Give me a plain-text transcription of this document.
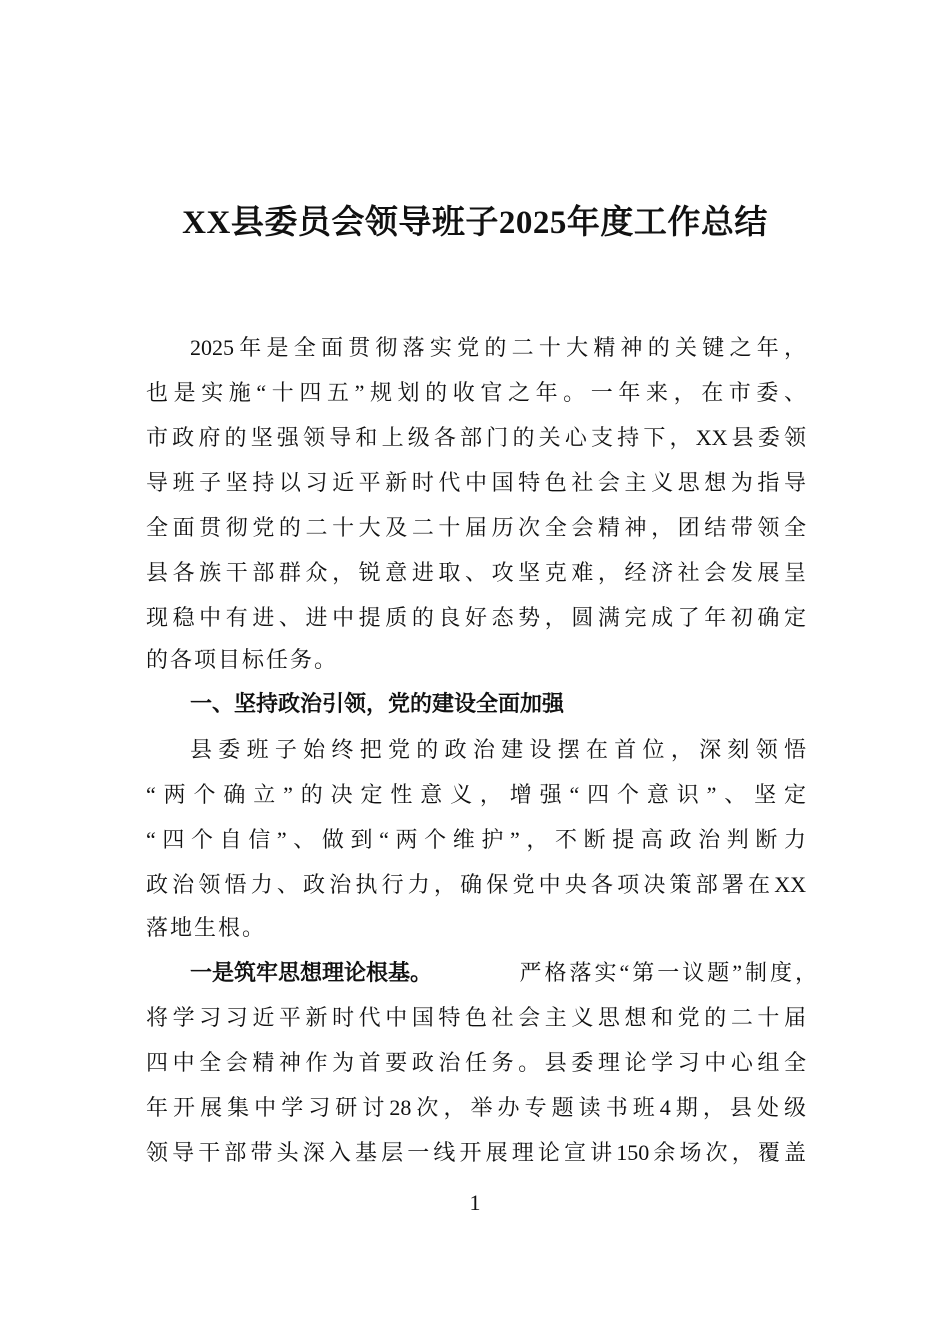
XX县委员会领导班子2025年度工作总结
2025年是全面贯彻落实党的二十大精神的关键之年，
也是实施“十四五”规划的收官之年。一年来，在市委、
市政府的坚强领导和上级各部门的关心支持下，XX县委领
导班子坚持以习近平新时代中国特色社会主义思想为指导
全面贯彻党的二十大及二十届历次全会精神，团结带领全
县各族干部群众，锐意进取、攻坚克难，经济社会发展呈
现稳中有进、进中提质的良好态势，圆满完成了年初确定
的各项目标任务。
一、坚持政治引领，党的建设全面加强
县委班子始终把党的政治建设摆在首位，深刻领悟
“两个确立”的决定性意义，增强“四个意识”、坚定
“四个自信”、做到“两个维护”，不断提高政治判断力
政治领悟力、政治执行力，确保党中央各项决策部署在XX
落地生根。
一是筑牢思想理论根基。	严格落实“第一议题”制度，
将学习习近平新时代中国特色社会主义思想和党的二十届
四中全会精神作为首要政治任务。县委理论学习中心组全
年开展集中学习研讨28次，举办专题读书班4期，县处级
领导干部带头深入基层一线开展理论宣讲150余场次，覆盖
1
